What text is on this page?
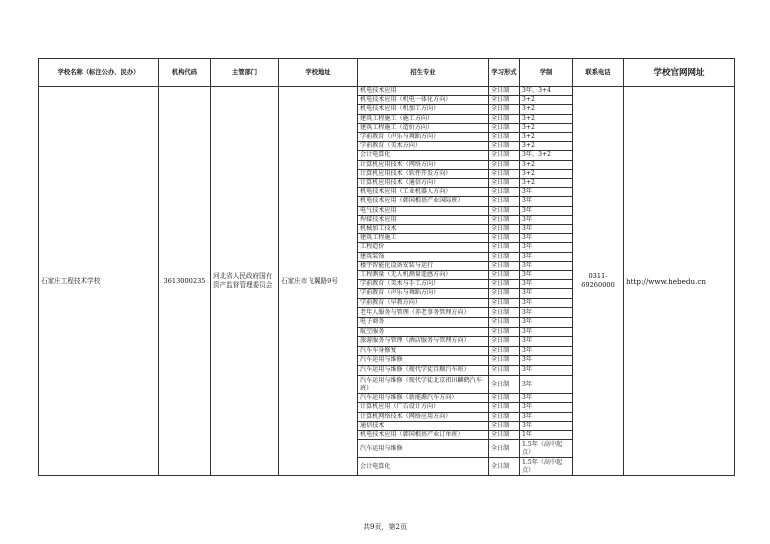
学校名称（标注公办、民办）	机构代码	主管部门	学校地址	招生专业	学习形式	学制	联系电话	学校官网网址
石家庄工程技术学校	3613000235	河北省人民政府国有资产监督管理委员会	石家庄市飞翼路9号	机电技术应用	全日制	3年、3+4	0311-69260000	http://www.hebedu.cn
				机电技术应用（机电一体化方向）	全日制	3+2		
				机电技术应用（机加工方向）	全日制	3+2		
				建筑工程施工（施工方向）	全日制	3+2		
				建筑工程施工（造价方向）	全日制	3+2		
				学前教育（声乐与舞蹈方向）	全日制	3+2		
				学前教育（美术方向）	全日制	3+2		
				会计电算化	全日制	3年、3+2		
				计算机应用技术（网络方向）	全日制	3+2		
				计算机应用技术（软件开发方向）	全日制	3+2		
				计算机应用技术（通信方向）	全日制	3+2		
				机电技术应用（工业机器人方向）	全日制	3年		
				机电技术应用（韩国根基产业国际班）	全日制	3年		
				电气技术应用	全日制	3年		
				焊接技术应用	全日制	3年		
				机械加工技术	全日制	3年		
				建筑工程施工	全日制	3年		
				工程造价	全日制	3年		
				建筑装饰	全日制	3年		
				楼宇智能化设备安装与运行	全日制	3年		
				工程测量（无人机测量遥感方向）	全日制	3年		
				学前教育（美术与手工方向）	全日制	3年		
				学前教育（声乐与舞蹈方向）	全日制	3年		
				学前教育（早教方向）	全日制	3年		
				老年人服务与管理（养老事务管理方向）	全日制	3年		
				电子商务	全日制	3年		
				航空服务	全日制	3年		
				旅游服务与管理（酒店服务与管理方向）	全日制	3年		
				汽车车身修复	全日制	3年		
				汽车运用与维修	全日制	3年		
				汽车运用与维修（现代学徒百顺汽车班）	全日制	3年		
				汽车运用与维修（现代学徒北京祖田麟鹤汽车班）	全日制	3年		
				汽车运用与维修（新能源汽车方向）	全日制	3年		
				计算机应用（广告设计方向）	全日制	3年		
				计算机网络技术（网络应用方向）	全日制	3年		
				通信技术	全日制	3年		
				机电技术应用（韩国根基产业订单班）	全日制	1年		
				汽车运用与维修	全日制	1.5年（高中起点）		
				会计电算化	全日制	1.5年（高中起点）		
共9页，第2页
